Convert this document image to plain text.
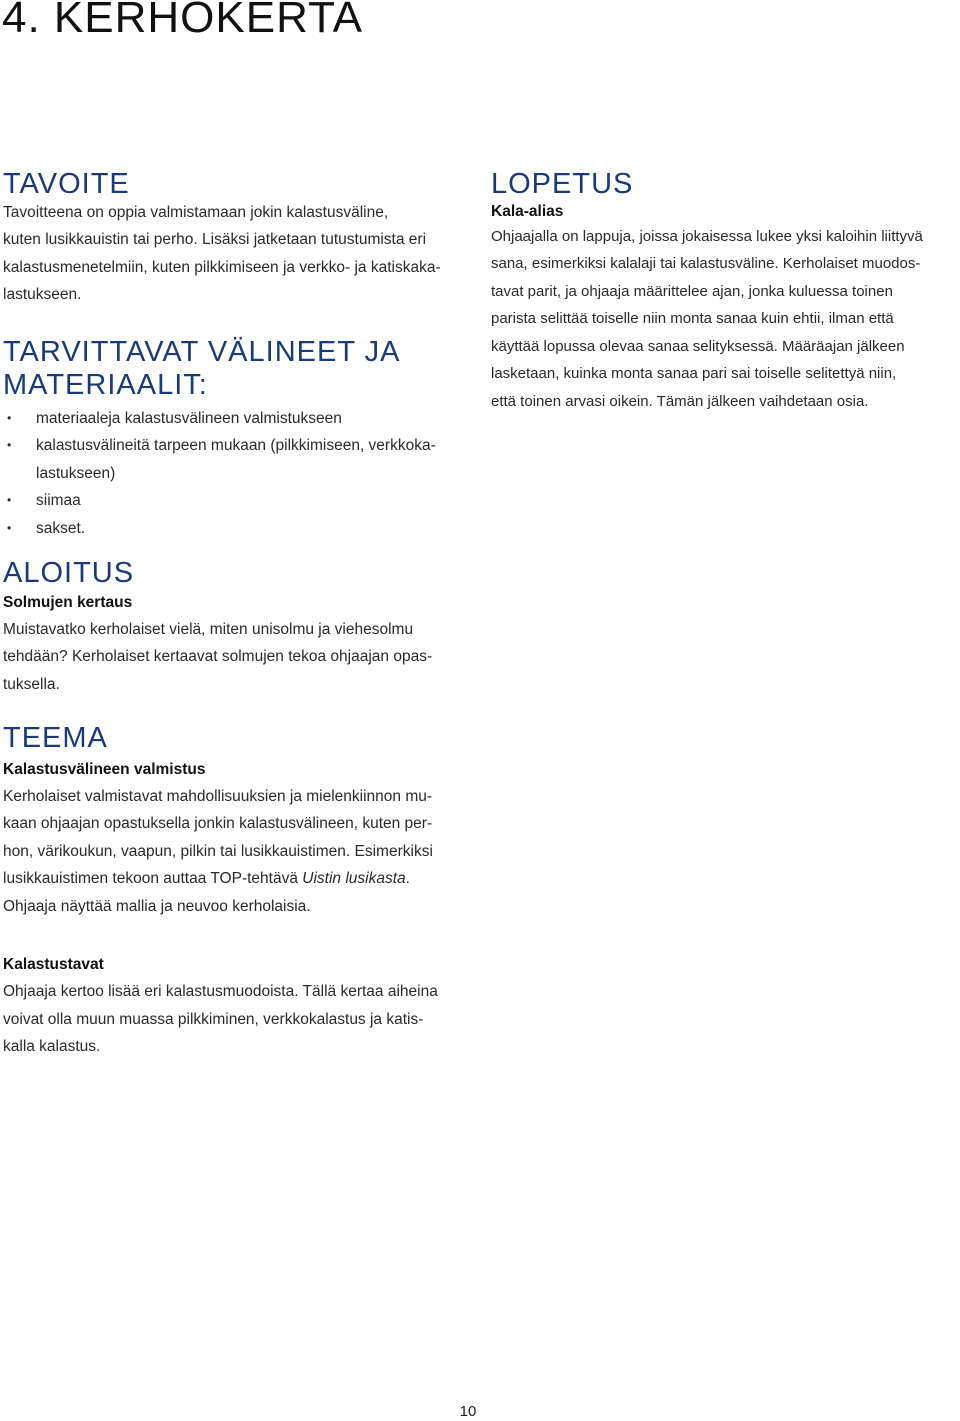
4. KERHOKERTA
TAVOITE

Tavoitteena on oppia valmistamaan jokin kalastusväline,

kuten lusikkauistin tai perho. Lisäksi jatketaan tutustumista eri

kalastusmenetelmiin, kuten pilkkimiseen ja verkko- ja katiskaka-

lastukseen.

TARVITTAVAT VÄLINEET JA
MATERIAALIT:
• materiaaleja kalastusvälineen valmistukseen
• kalastusvälineitä tarpeen mukaan (pilkkimiseen, verkkoka-
lastukseen)
• siimaa
• sakset.
ALOITUS

Solmujen kertaus

Muistavatko kerholaiset vielä, miten unisolmu ja viehesolmu

tehdään? Kerholaiset kertaavat solmujen tekoa ohjaajan opas-

tuksella.

TEEMA

Kalastusvälineen valmistus

Kerholaiset valmistavat mahdollisuuksien ja mielenkiinnon mu-

kaan ohjaajan opastuksella jonkin kalastusvälineen, kuten per-

hon, värikoukun, vaapun, pilkin tai lusikkauistimen. Esimerkiksi

lusikkauistimen tekoon auttaa TOP-tehtävä Uistin lusikasta.

Ohjaaja näyttää mallia ja neuvoo kerholaisia.

Kalastustavat

Ohjaaja kertoo lisää eri kalastusmuodoista. Tällä kertaa aiheina

voivat olla muun muassa pilkkiminen, verkkokalastus ja katis-

kalla kalastus.

LOPETUS

Kala-alias

Ohjaajalla on lappuja, joissa jokaisessa lukee yksi kaloihin liittyvä

sana, esimerkiksi kalalaji tai kalastusväline. Kerholaiset muodos-

tavat parit, ja ohjaaja määrittelee ajan, jonka kuluessa toinen

parista selittää toiselle niin monta sanaa kuin ehtii, ilman että

käyttää lopussa olevaa sanaa selityksessä. Määräajan jälkeen

lasketaan, kuinka monta sanaa pari sai toiselle selitettyä niin,

että toinen arvasi oikein. Tämän jälkeen vaihdetaan osia.

10
